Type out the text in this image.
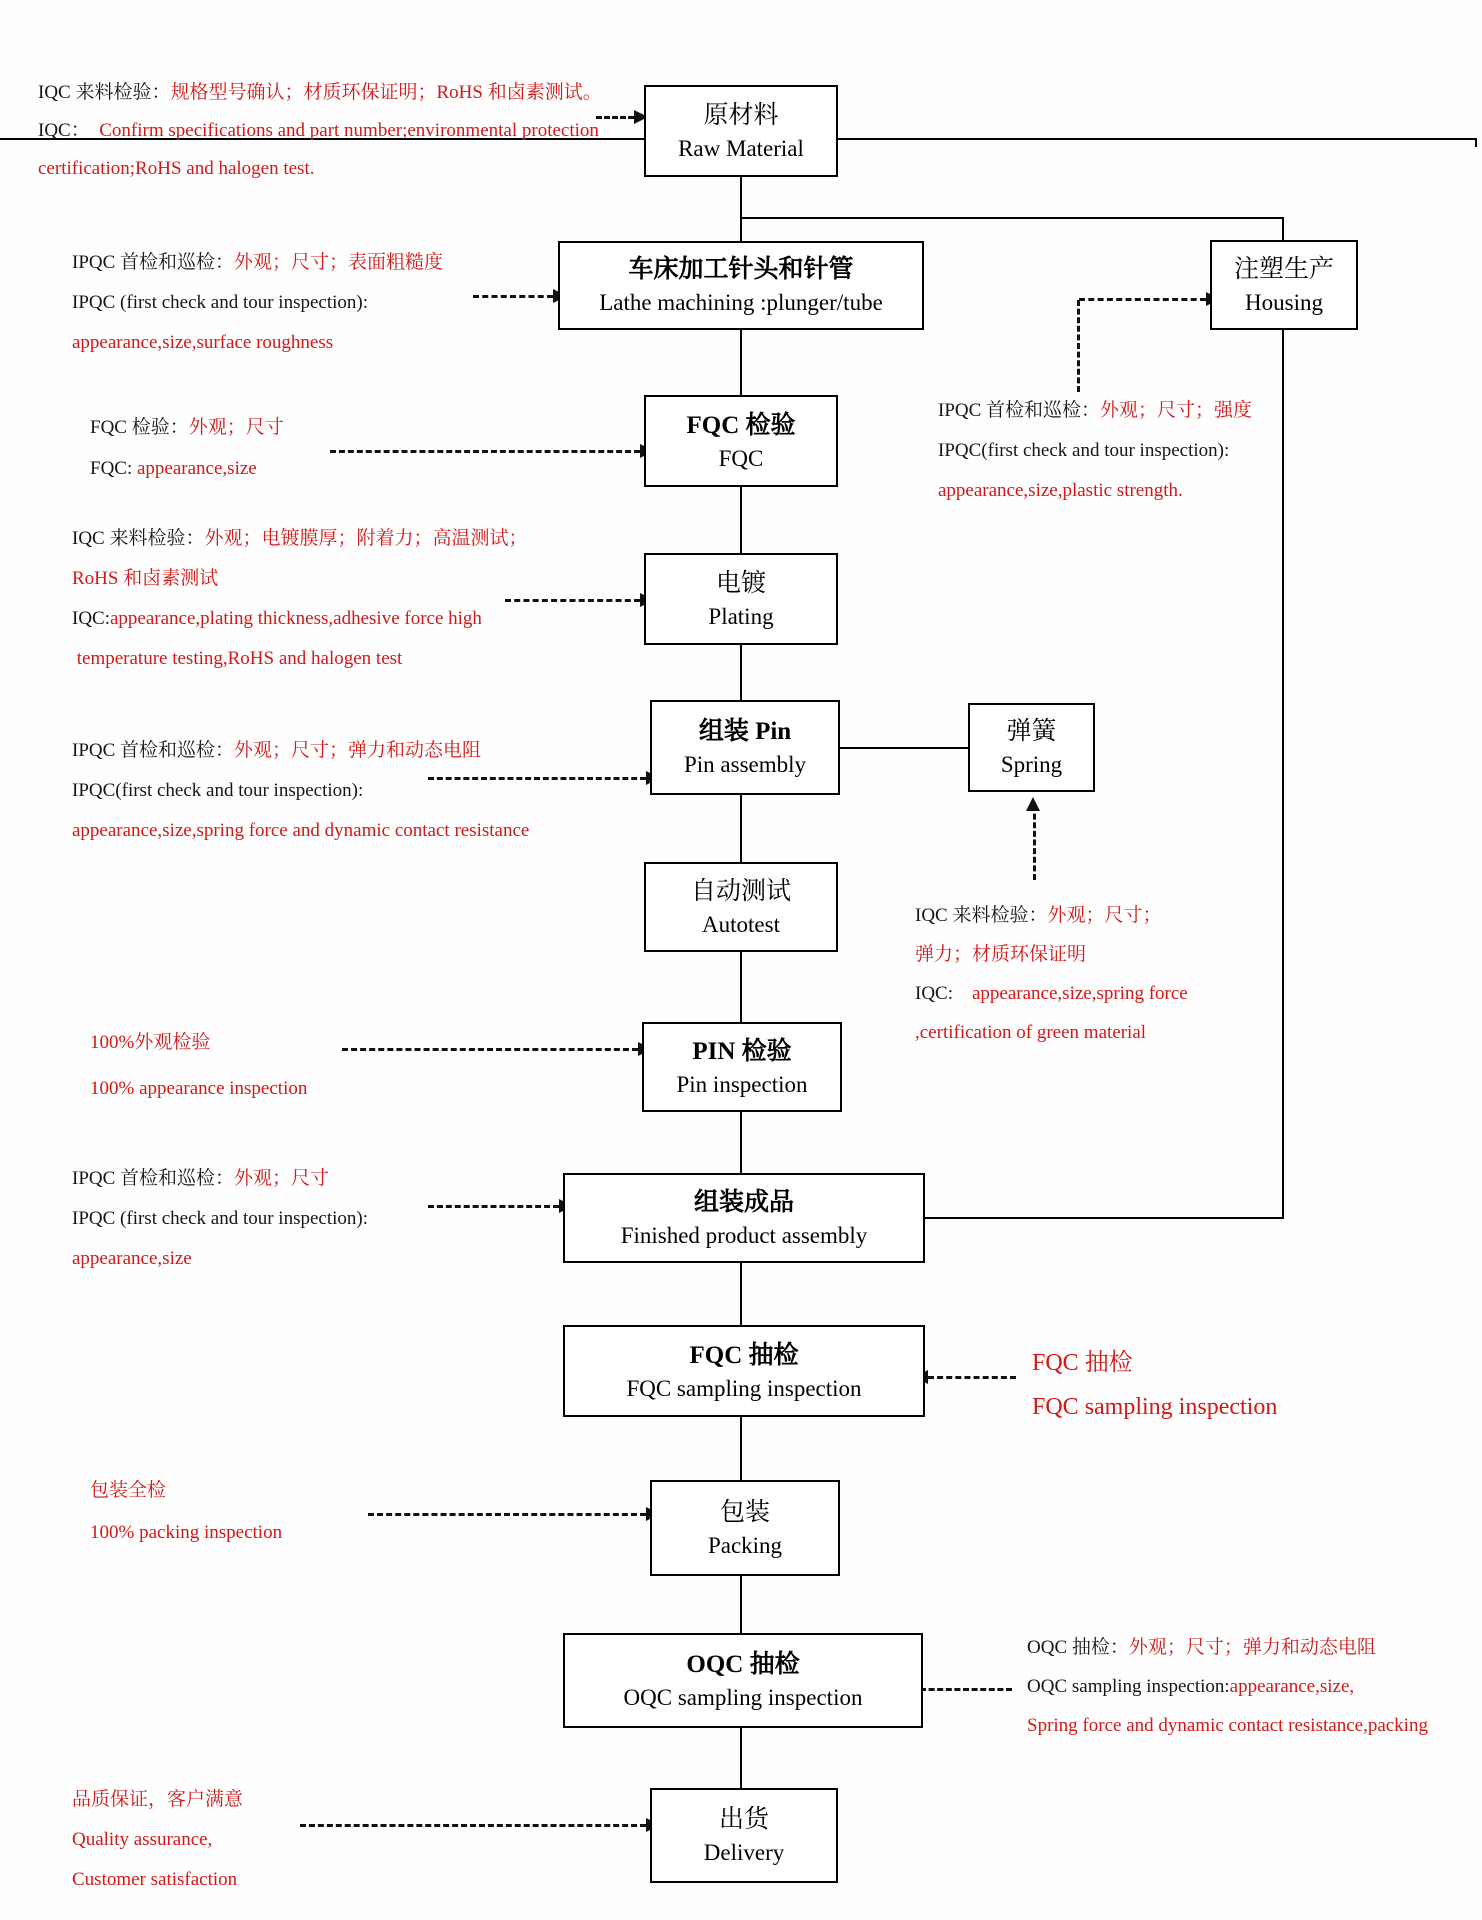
原材料
Raw Material
车床加工针头和针管
Lathe machining :plunger/tube
FQC 检验
FQC
电镀
Plating
组装 Pin
Pin assembly
弹簧
Spring
自动测试
Autotest
PIN 检验
Pin inspection
组装成品
Finished product assembly
FQC 抽检
FQC sampling inspection
包装
Packing
OQC 抽检
OQC sampling inspection
出货
Delivery
注塑生产
Housing
IQC 来料检验：规格型号确认；材质环保证明；RoHS 和卤素测试。
IQC：  Confirm specifications and part number;environmental protection
certification;RoHS and halogen test.
IPQC 首检和巡检：外观；尺寸；表面粗糙度
IPQC (first check and tour inspection):
appearance,size,surface roughness
FQC 检验：外观；尺寸
FQC: appearance,size
IQC 来料检验：外观；电镀膜厚；附着力；高温测试；
RoHS 和卤素测试
IQC:appearance,plating thickness,adhesive force high
temperature testing,RoHS and halogen test
IPQC 首检和巡检：外观；尺寸；弹力和动态电阻
IPQC(first check and tour inspection):
appearance,size,spring force and dynamic contact resistance
IPQC 首检和巡检：外观；尺寸；强度
IPQC(first check and tour inspection):
appearance,size,plastic strength.
IQC 来料检验：外观；尺寸；
弹力；材质环保证明
IQC:    appearance,size,spring force
,certification of green material
100%外观检验
100% appearance inspection
IPQC 首检和巡检：外观；尺寸
IPQC (first check and tour inspection):
appearance,size
FQC 抽检
FQC sampling inspection
包装全检
100% packing inspection
OQC 抽检：外观；尺寸；弹力和动态电阻
OQC sampling inspection:appearance,size,
Spring force and dynamic contact resistance,packing
品质保证，客户满意
Quality assurance,
Customer satisfaction
